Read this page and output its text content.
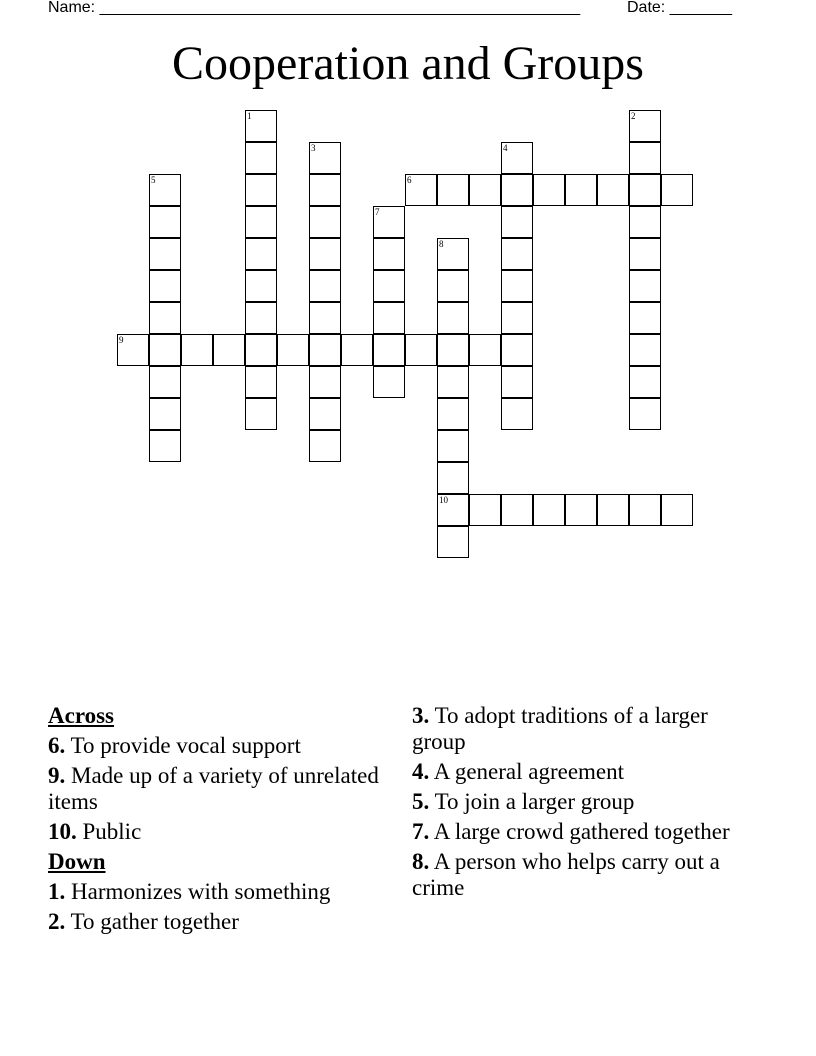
Name: ______________________________________________________	Date: _______
Cooperation and Groups
1	2
3	4
5	6
7
8
10
9
Across
6. To provide vocal support
9. Made up of a variety of unrelated items
10. Public
Down
1. Harmonizes with something
2. To gather together
3. To adopt traditions of a larger group
4. A general agreement
5. To join a larger group
7. A large crowd gathered together
8. A person who helps carry out a crime
